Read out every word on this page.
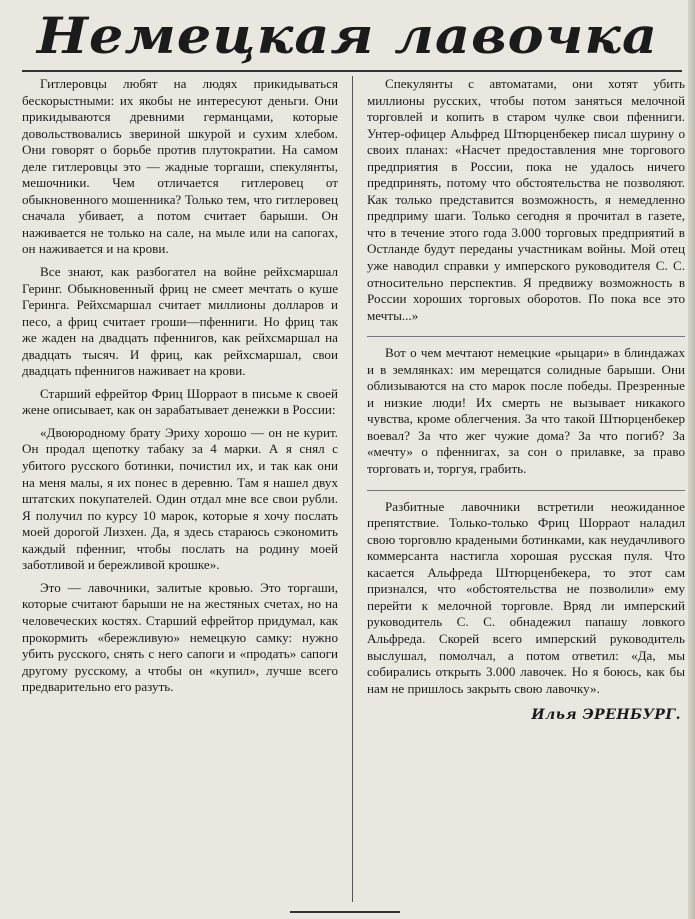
Немецкая лавочка

Гитлеровцы любят на людях прикидываться бескорыстными: их якобы не интересуют деньги. Они прикидываются древними германцами, которые довольствовались звериной шкурой и сухим хлебом. Они говорят о борьбе против плутократии. На самом деле гитлеровцы это — жадные торгаши, спекулянты, мешочники. Чем отличается гитлеровец от обыкновенного мошенника? Только тем, что гитлеровец сначала убивает, а потом считает барыши. Он наживается не только на сале, на мыле или на сапогах, он наживается и на крови.

Все знают, как разбогател на войне рейхсмаршал Геринг. Обыкновенный фриц не смеет мечтать о куше Геринга. Рейхсмаршал считает миллионы долларов и песо, а фриц считает гроши—пфенниги. Но фриц так же жаден на двадцать пфеннигов, как рейхсмаршал на двадцать тысяч. И фриц, как рейхсмаршал, свои двадцать пфеннигов наживает на крови.

Старший ефрейтор Фриц Шорраот в письме к своей жене описывает, как он зарабатывает денежки в России:

«Двоюродному брату Эриху хорошо — он не курит. Он продал щепотку табаку за 4 марки. А я снял с убитого русского ботинки, почистил их, и так как они на меня малы, я их понес в деревню. Там я нашел двух штатских покупателей. Один отдал мне все свои рубли. Я получил по курсу 10 марок, которые я хочу послать моей дорогой Лизхен. Да, я здесь стараюсь сэкономить каждый пфенниг, чтобы послать на родину моей заботливой и бережливой крошке».

Это — лавочники, залитые кровью. Это торгаши, которые считают барыши не на жестяных счетах, но на человеческих костях. Старший ефрейтор придумал, как прокормить «бережливую» немецкую самку: нужно убить русского, снять с него сапоги и «продать» сапоги другому русскому, а чтобы он «купил», лучше всего предварительно его разуть.

Спекулянты с автоматами, они хотят убить миллионы русских, чтобы потом заняться мелочной торговлей и копить в старом чулке свои пфенниги. Унтер-офицер Альфред Штюрценбекер писал шурину о своих планах: «Насчет предоставления мне торгового предприятия в России, пока не удалось ничего предпринять, потому что обстоятельства не позволяют. Как только представится возможность, я немедленно предприму шаги. Только сегодня я прочитал в газете, что в течение этого года 3.000 торговых предприятий в Остланде будут переданы участникам войны. Мой отец уже наводил справки у имперского руководителя С. С. относительно перспектив. Я предвижу возможность в России хороших торговых оборотов. По пока все это мечты...»

Вот о чем мечтают немецкие «рыцари» в блиндажах и в землянках: им мерещатся солидные барыши. Они облизываются на сто марок после победы. Презренные и низкие люди! Их смерть не вызывает никакого чувства, кроме облегчения. За что такой Штюрценбекер воевал? За что жег чужие дома? За что погиб? За «мечту» о пфеннигах, за сон о прилавке, за право торговать и, торгуя, грабить.

Разбитные лавочники встретили неожиданное препятствие. Только-только Фриц Шорраот наладил свою торговлю крадеными ботинками, как неудачливого коммерсанта настигла хорошая русская пуля. Что касается Альфреда Штюрценбекера, то этот сам признался, что «обстоятельства не позволили» ему перейти к мелочной торговле. Вряд ли имперский руководитель С. С. обнадежил папашу ловкого Альфреда. Скорей всего имперский руководитель выслушал, помолчал, а потом ответил: «Да, мы собирались открыть 3.000 лавочек. Но я боюсь, как бы нам не пришлось закрыть свою лавочку».

Илья ЭРЕНБУРГ.
